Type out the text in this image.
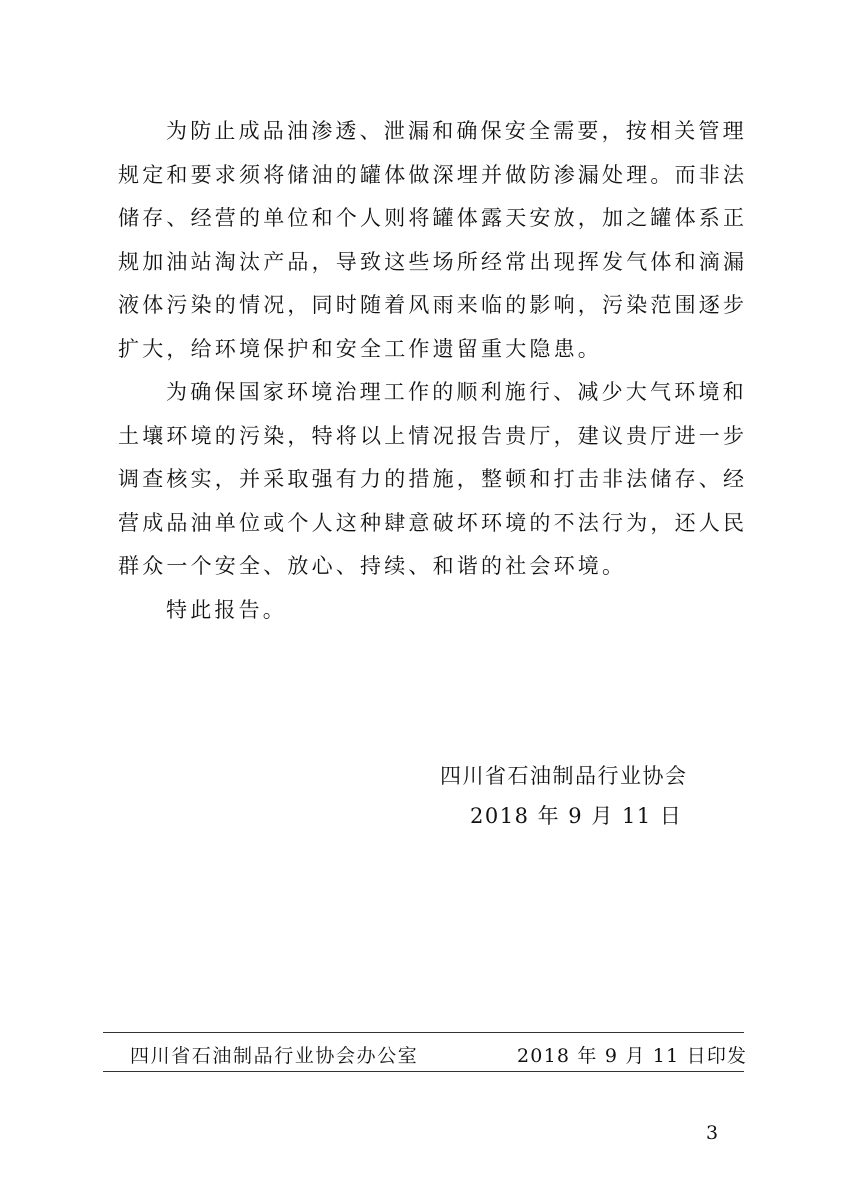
为防止成品油渗透、泄漏和确保安全需要，按相关管理
规定和要求须将储油的罐体做深埋并做防渗漏处理。而非法
储存、经营的单位和个人则将罐体露天安放，加之罐体系正
规加油站淘汰产品，导致这些场所经常出现挥发气体和滴漏
液体污染的情况，同时随着风雨来临的影响，污染范围逐步
扩大，给环境保护和安全工作遗留重大隐患。

为确保国家环境治理工作的顺利施行、减少大气环境和
土壤环境的污染，特将以上情况报告贵厅，建议贵厅进一步
调查核实，并采取强有力的措施，整顿和打击非法储存、经
营成品油单位或个人这种肆意破坏环境的不法行为，还人民
群众一个安全、放心、持续、和谐的社会环境。

特此报告。

四川省石油制品行业协会
2018 年 9 月 11 日
四川省石油制品行业协会办公室	2018 年 9 月 11 日印发
3
